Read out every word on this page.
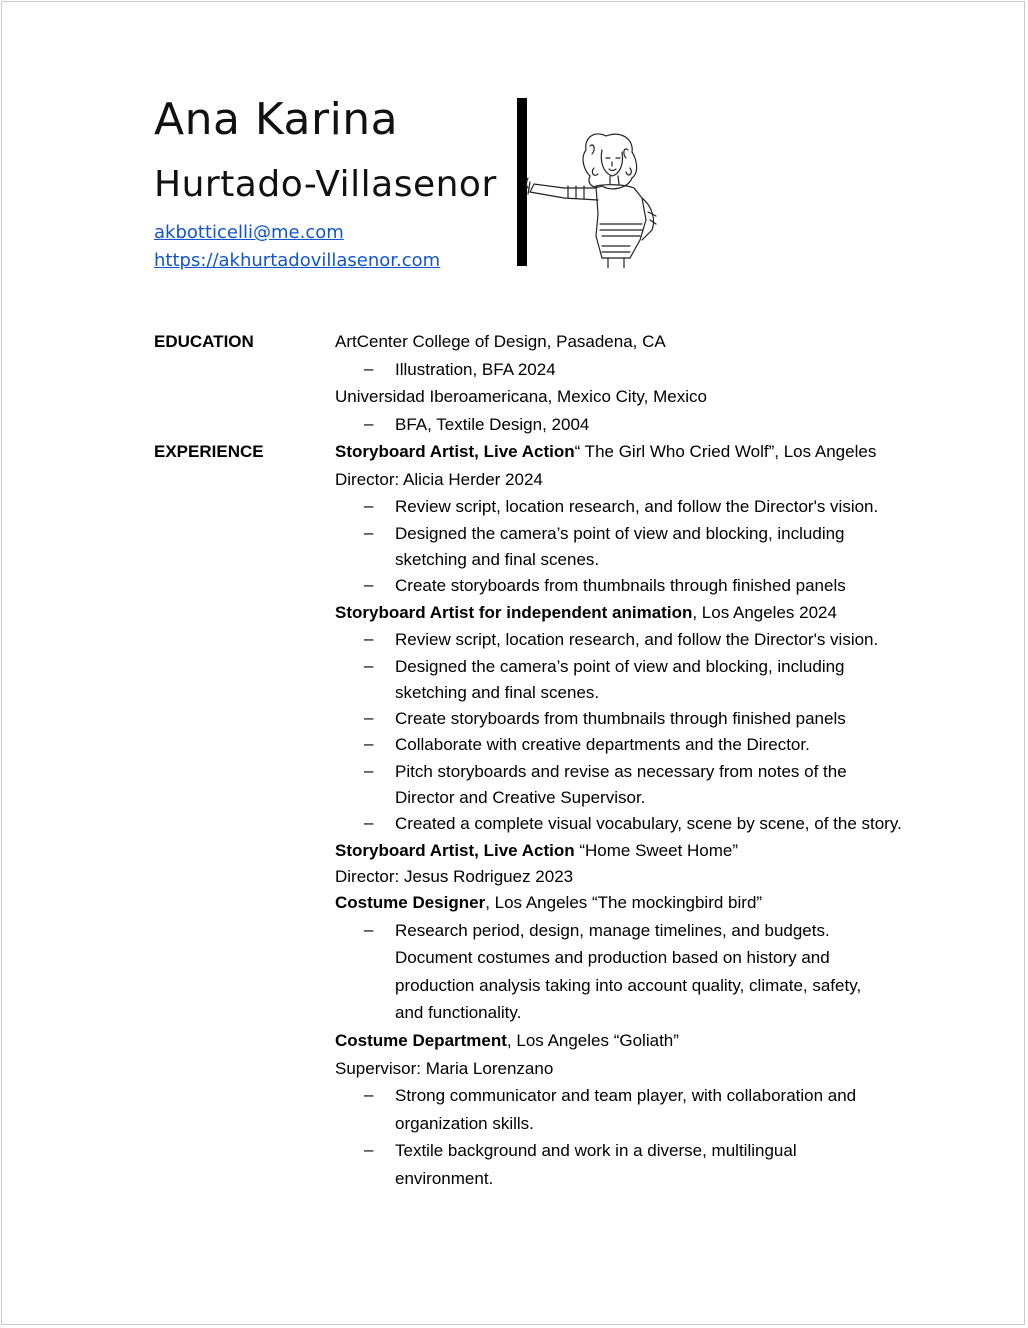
Ana Karina
Hurtado-Villasenor
akbotticelli@me.com
https://akhurtadovillasenor.com
EDUCATION	ArtCenter College of Design, Pasadena, CA
– Illustration, BFA 2024
Universidad Iberoamericana, Mexico City, Mexico
– BFA, Textile Design, 2004
EXPERIENCE	Storyboard Artist, Live Action“ The Girl Who Cried Wolf”, Los Angeles
Director: Alicia Herder 2024
– Review script, location research, and follow the Director's vision.
– Designed the camera’s point of view and blocking, including
sketching and final scenes.
– Create storyboards from thumbnails through finished panels
Storyboard Artist for independent animation, Los Angeles 2024
– Review script, location research, and follow the Director's vision.
– Designed the camera’s point of view and blocking, including
sketching and final scenes.
– Create storyboards from thumbnails through finished panels
– Collaborate with creative departments and the Director.
– Pitch storyboards and revise as necessary from notes of the
Director and Creative Supervisor.
– Created a complete visual vocabulary, scene by scene, of the story.
Storyboard Artist, Live Action “Home Sweet Home”
Director: Jesus Rodriguez 2023
Costume Designer, Los Angeles “The mockingbird bird”
– Research period, design, manage timelines, and budgets.
Document costumes and production based on history and
production analysis taking into account quality, climate, safety,
and functionality.
Costume Department, Los Angeles “Goliath”
Supervisor: Maria Lorenzano
– Strong communicator and team player, with collaboration and
organization skills.
– Textile background and work in a diverse, multilingual
environment.
